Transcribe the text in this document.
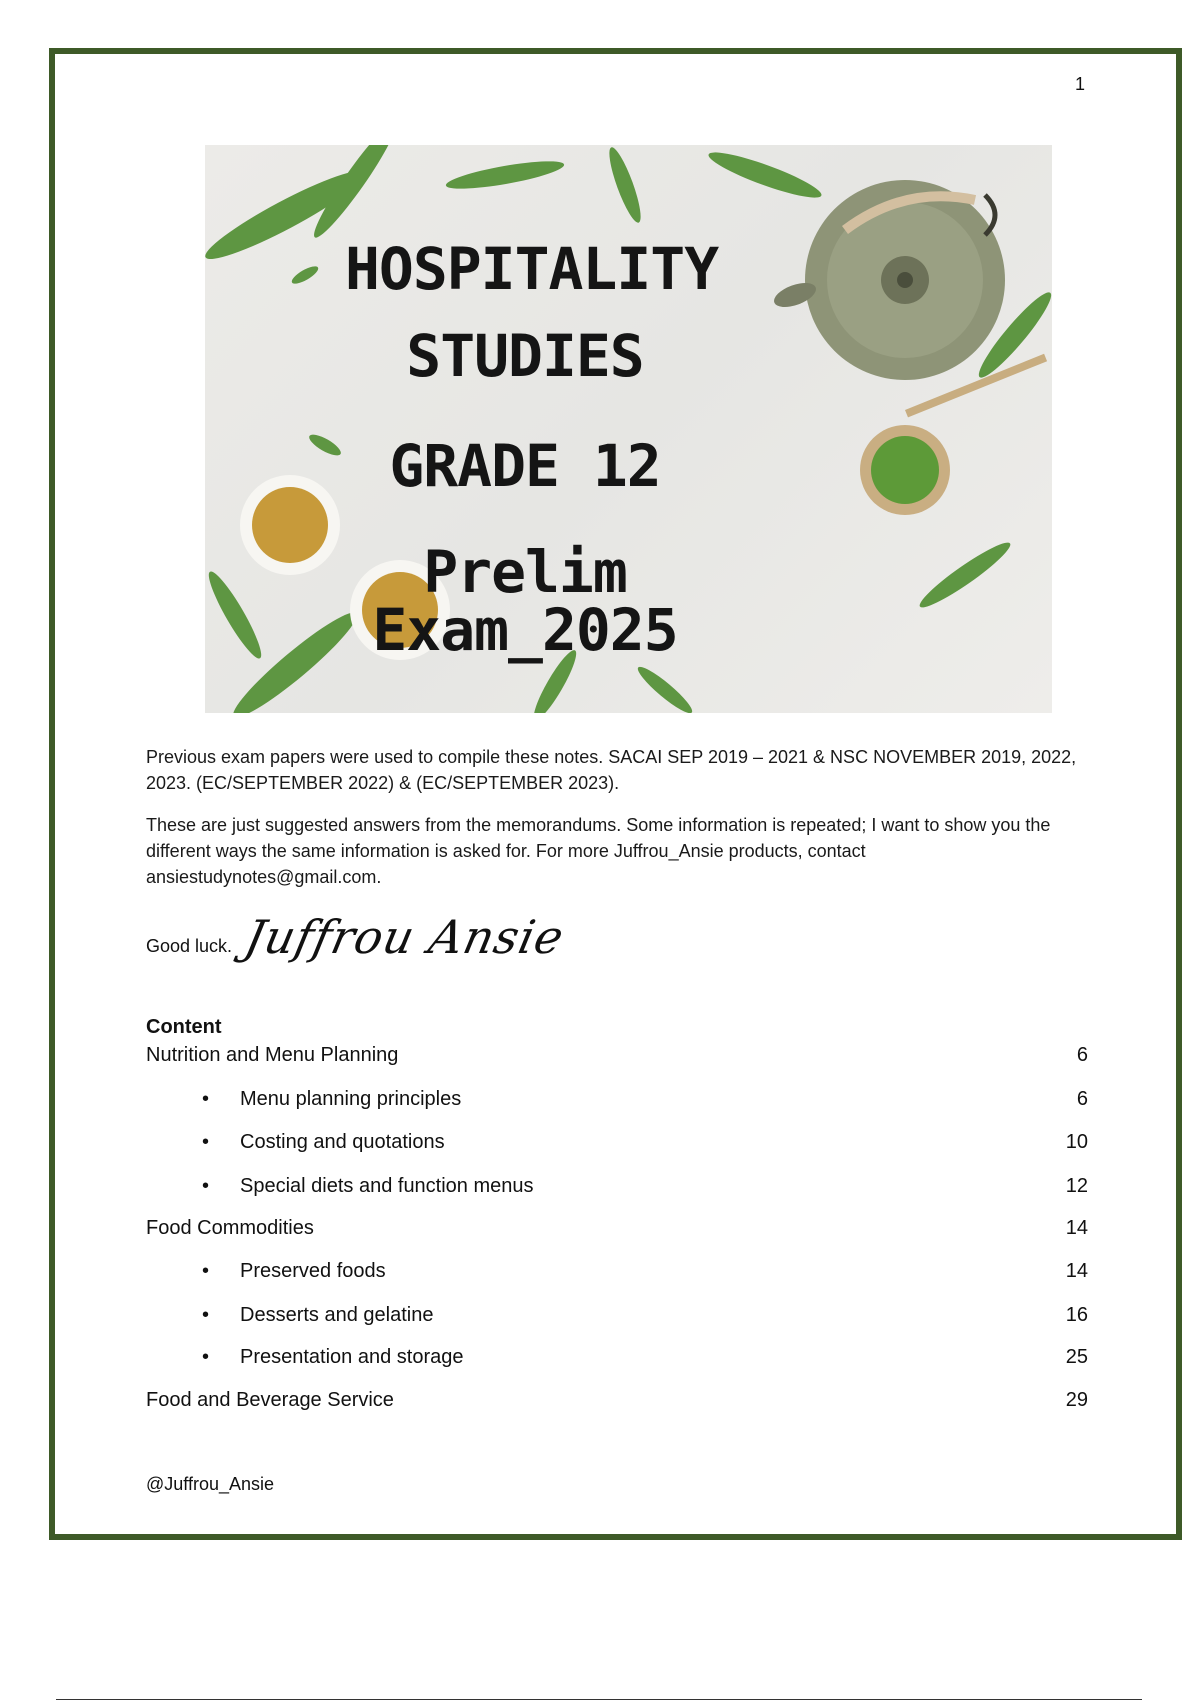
1
HOSPITALITY
STUDIES
GRADE 12
Prelim Exam_2025
Previous exam papers were used to compile these notes. SACAI SEP 2019 – 2021 & NSC NOVEMBER 2019, 2022, 2023. (EC/SEPTEMBER 2022) & (EC/SEPTEMBER 2023).
These are just suggested answers from the memorandums. Some information is repeated; I want to show you the different ways the same information is asked for. For more Juffrou_Ansie products, contact ansiestudynotes@gmail.com.
Good luck. Juffrou Ansie
Content
Nutrition and Menu Planning	6
• Menu planning principles	6
• Costing and quotations	10
• Special diets and function menus	12
Food Commodities	14
• Preserved foods	14
• Desserts and gelatine	16
• Presentation and storage	25
Food and Beverage Service	29
@Juffrou_Ansie
